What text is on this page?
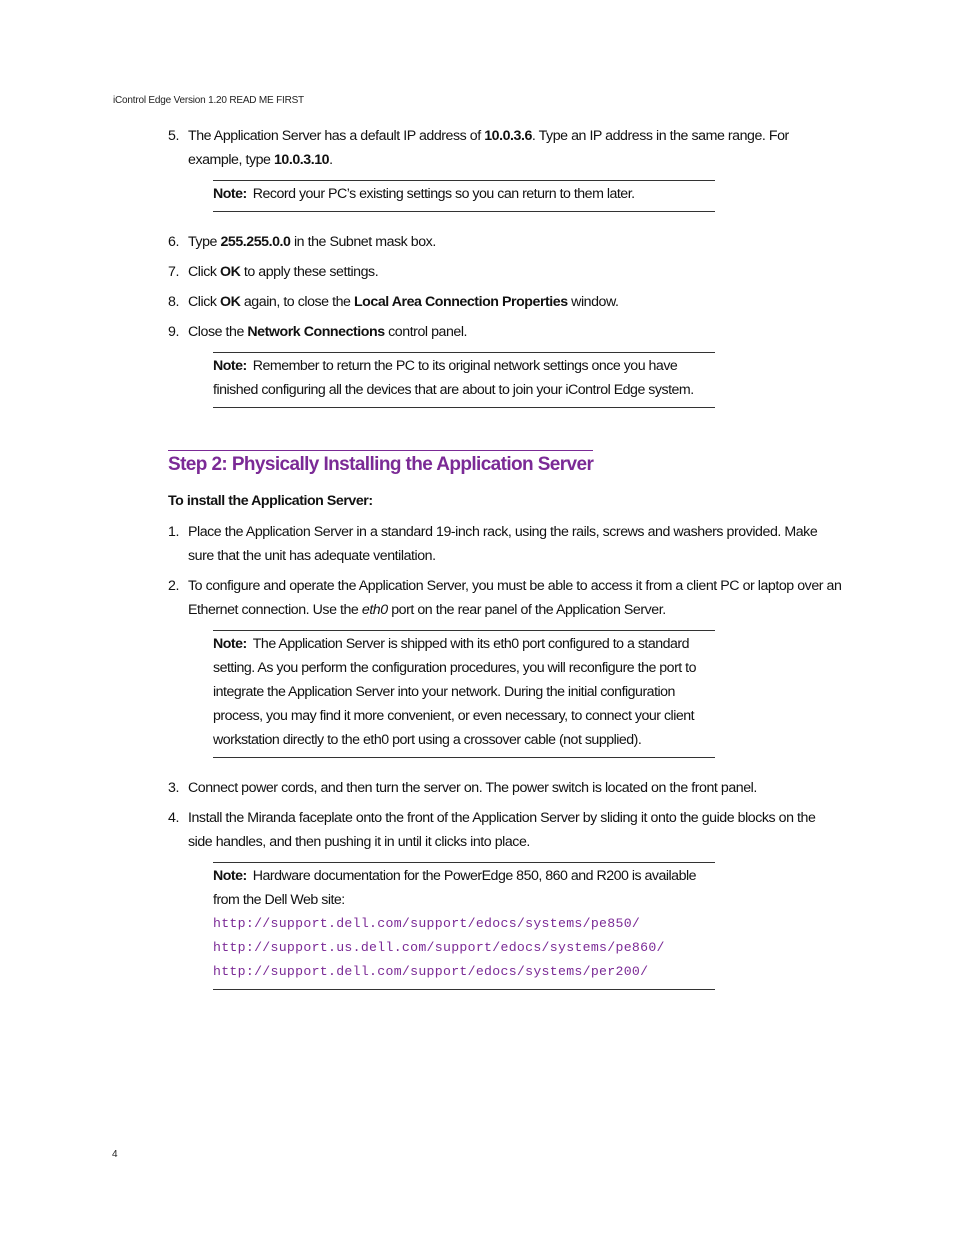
iControl Edge Version 1.20 READ ME FIRST
5. The Application Server has a default IP address of 10.0.3.6. Type an IP address in the same range. For example, type 10.0.3.10.
Note: Record your PC’s existing settings so you can return to them later.
6. Type 255.255.0.0 in the Subnet mask box.
7. Click OK to apply these settings.
8. Click OK again, to close the Local Area Connection Properties window.
9. Close the Network Connections control panel.
Note: Remember to return the PC to its original network settings once you have finished configuring all the devices that are about to join your iControl Edge system.
Step 2: Physically Installing the Application Server
To install the Application Server:
1. Place the Application Server in a standard 19-inch rack, using the rails, screws and washers provided. Make sure that the unit has adequate ventilation.
2. To configure and operate the Application Server, you must be able to access it from a client PC or laptop over an Ethernet connection. Use the eth0 port on the rear panel of the Application Server.
Note: The Application Server is shipped with its eth0 port configured to a standard setting. As you perform the configuration procedures, you will reconfigure the port to integrate the Application Server into your network. During the initial configuration process, you may find it more convenient, or even necessary, to connect your client workstation directly to the eth0 port using a crossover cable (not supplied).
3. Connect power cords, and then turn the server on. The power switch is located on the front panel.
4. Install the Miranda faceplate onto the front of the Application Server by sliding it onto the guide blocks on the side handles, and then pushing it in until it clicks into place.
Note: Hardware documentation for the PowerEdge 850, 860 and R200 is available from the Dell Web site:
http://support.dell.com/support/edocs/systems/pe850/
http://support.us.dell.com/support/edocs/systems/pe860/
http://support.dell.com/support/edocs/systems/per200/
4
